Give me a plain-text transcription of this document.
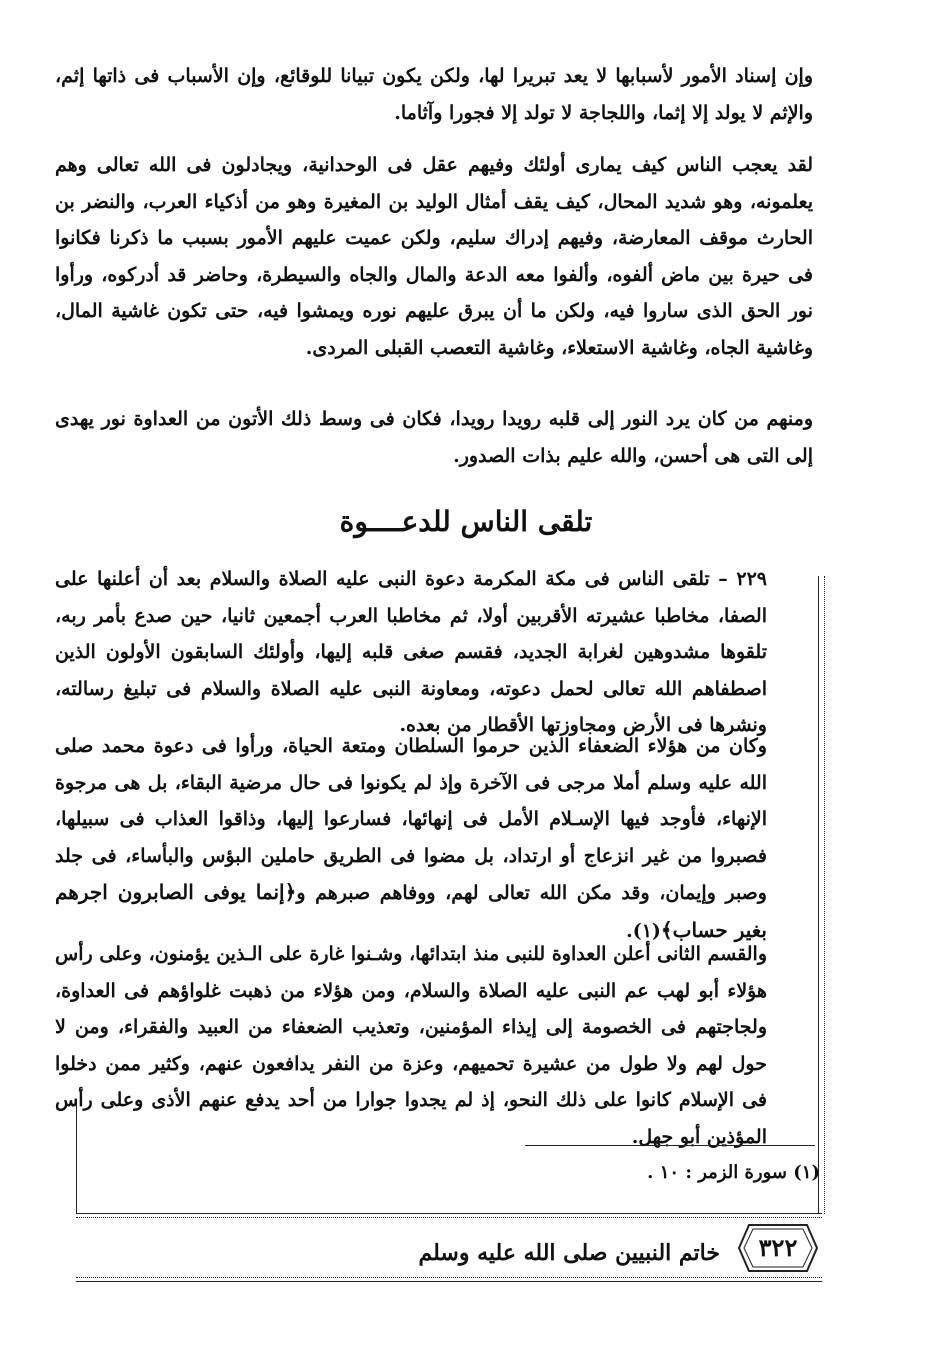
وإن إسناد الأمور لأسبابها لا يعد تبريرا لها، ولكن يكون تبيانا للوقائع، وإن الأسباب فى ذاتها إثم، والإثم لا يولد إلا إثما، واللجاجة لا تولد إلا فجورا وآثاما.

لقد يعجب الناس كيف يمارى أولئك وفيهم عقل فى الوحدانية، ويجادلون فى الله تعالى وهم يعلمونه، وهو شديد المحال، كيف يقف أمثال الوليد بن المغيرة وهو من أذكياء العرب، والنضر بن الحارث موقف المعارضة، وفيهم إدراك سليم، ولكن عميت عليهم الأمور بسبب ما ذكرنا فكانوا فى حيرة بين ماض ألفوه، وألفوا معه الدعة والمال والجاه والسيطرة، وحاضر قد أدركوه، ورأوا نور الحق الذى ساروا فيه، ولكن ما أن يبرق عليهم نوره ويمشوا فيه، حتى تكون غاشية المال، وغاشية الجاه، وغاشية الاستعلاء، وغاشية التعصب القبلى المردى.

ومنهم من كان يرد النور إلى قلبه رويدا رويدا، فكان فى وسط ذلك الأتون من العداوة نور يهدى إلى التى هى أحسن، والله عليم بذات الصدور.

تلقى الناس للدعــــوة

٢٢٩ – تلقى الناس فى مكة المكرمة دعوة النبى عليه الصلاة والسلام بعد أن أعلنها على الصفا، مخاطبا عشيرته الأقربين أولا، ثم مخاطبا العرب أجمعين ثانيا، حين صدع بأمر ربه، تلقوها مشدوهين لغرابة الجديد، فقسم صغى قلبه إليها، وأولئك السابقون الأولون الذين اصطفاهم الله تعالى لحمل دعوته، ومعاونة النبى عليه الصلاة والسلام فى تبليغ رسالته، ونشرها فى الأرض ومجاوزتها الأقطار من بعده.

وكان من هؤلاء الضعفاء الذين حرموا السلطان ومتعة الحياة، ورأوا فى دعوة محمد صلى الله عليه وسلم أملا مرجى فى الآخرة وإذ لم يكونوا فى حال مرضية البقاء، بل هى مرجوة الإنهاء، فأوجد فيها الإسـلام الأمل فى إنهائها، فسارعوا إليها، وذاقوا العذاب فى سبيلها، فصبروا من غير انزعاج أو ارتداد، بل مضوا فى الطريق حاملين البؤس والبأساء، فى جلد وصبر وإيمان، وقد مكن الله تعالى لهم، ووفاهم صبرهم و﴿إنما يوفى الصابرون اجرهم بغير حساب﴾(١).

والقسم الثانى أعلن العداوة للنبى منذ ابتدائها، وشـنوا غارة على الـذين يؤمنون، وعلى رأس هؤلاء أبو لهب عم النبى عليه الصلاة والسلام، ومن هؤلاء من ذهبت غلواؤهم فى العداوة، ولجاجتهم فى الخصومة إلى إيذاء المؤمنين، وتعذيب الضعفاء من العبيد والفقراء، ومن لا حول لهم ولا طول من عشيرة تحميهم، وعزة من النفر يدافعون عنهم، وكثير ممن دخلوا فى الإسلام كانوا على ذلك النحو، إذ لم يجدوا جوارا من أحد يدفع عنهم الأذى وعلى رأس المؤذين أبو جهل.

(١) سورة الزمر : ١٠ .

٣٢٢
خاتم النبيين صلى الله عليه وسلم
